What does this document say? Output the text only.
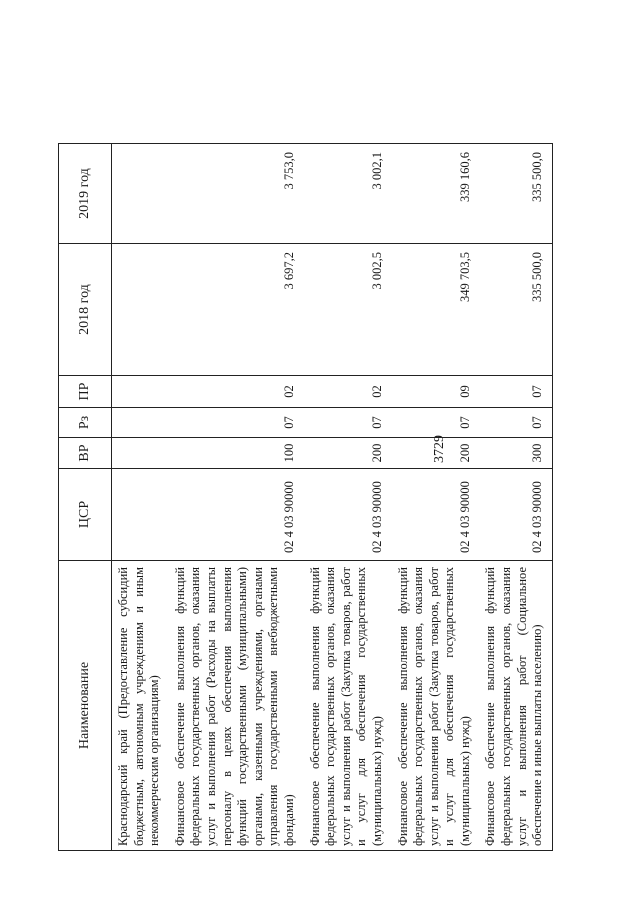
3729
Наименование	ЦСР	ВР	Рз	ПР	2018 год	2019 год
Краснодарский край (Предоставление субсидий бюджетным, автономным учреждениям и иным некоммерческим организациям)						
Финансовое обеспечение выполнения функций федеральных государственных органов, оказания услуг и выполнения работ (Расходы на выплаты персоналу в целях обеспечения выполнения функций государственными (муниципальными) органами, казенными учреждениями, органами управления государственными внебюджетными фондами)	02 4 03 90000	100	07	02	3 697,2	3 753,0
Финансовое обеспечение выполнения функций федеральных государственных органов, оказания услуг и выполнения работ (Закупка товаров, работ и услуг для обеспечения государственных (муниципальных) нужд)	02 4 03 90000	200	07	02	3 002,5	3 002,1
Финансовое обеспечение выполнения функций федеральных государственных органов, оказания услуг и выполнения работ (Закупка товаров, работ и услуг для обеспечения государственных (муниципальных) нужд)	02 4 03 90000	200	07	09	349 703,5	339 160,6
Финансовое обеспечение выполнения функций федеральных государственных органов, оказания услуг и выполнения работ (Социальное обеспечение и иные выплаты населению)	02 4 03 90000	300	07	07	335 500,0	335 500,0
